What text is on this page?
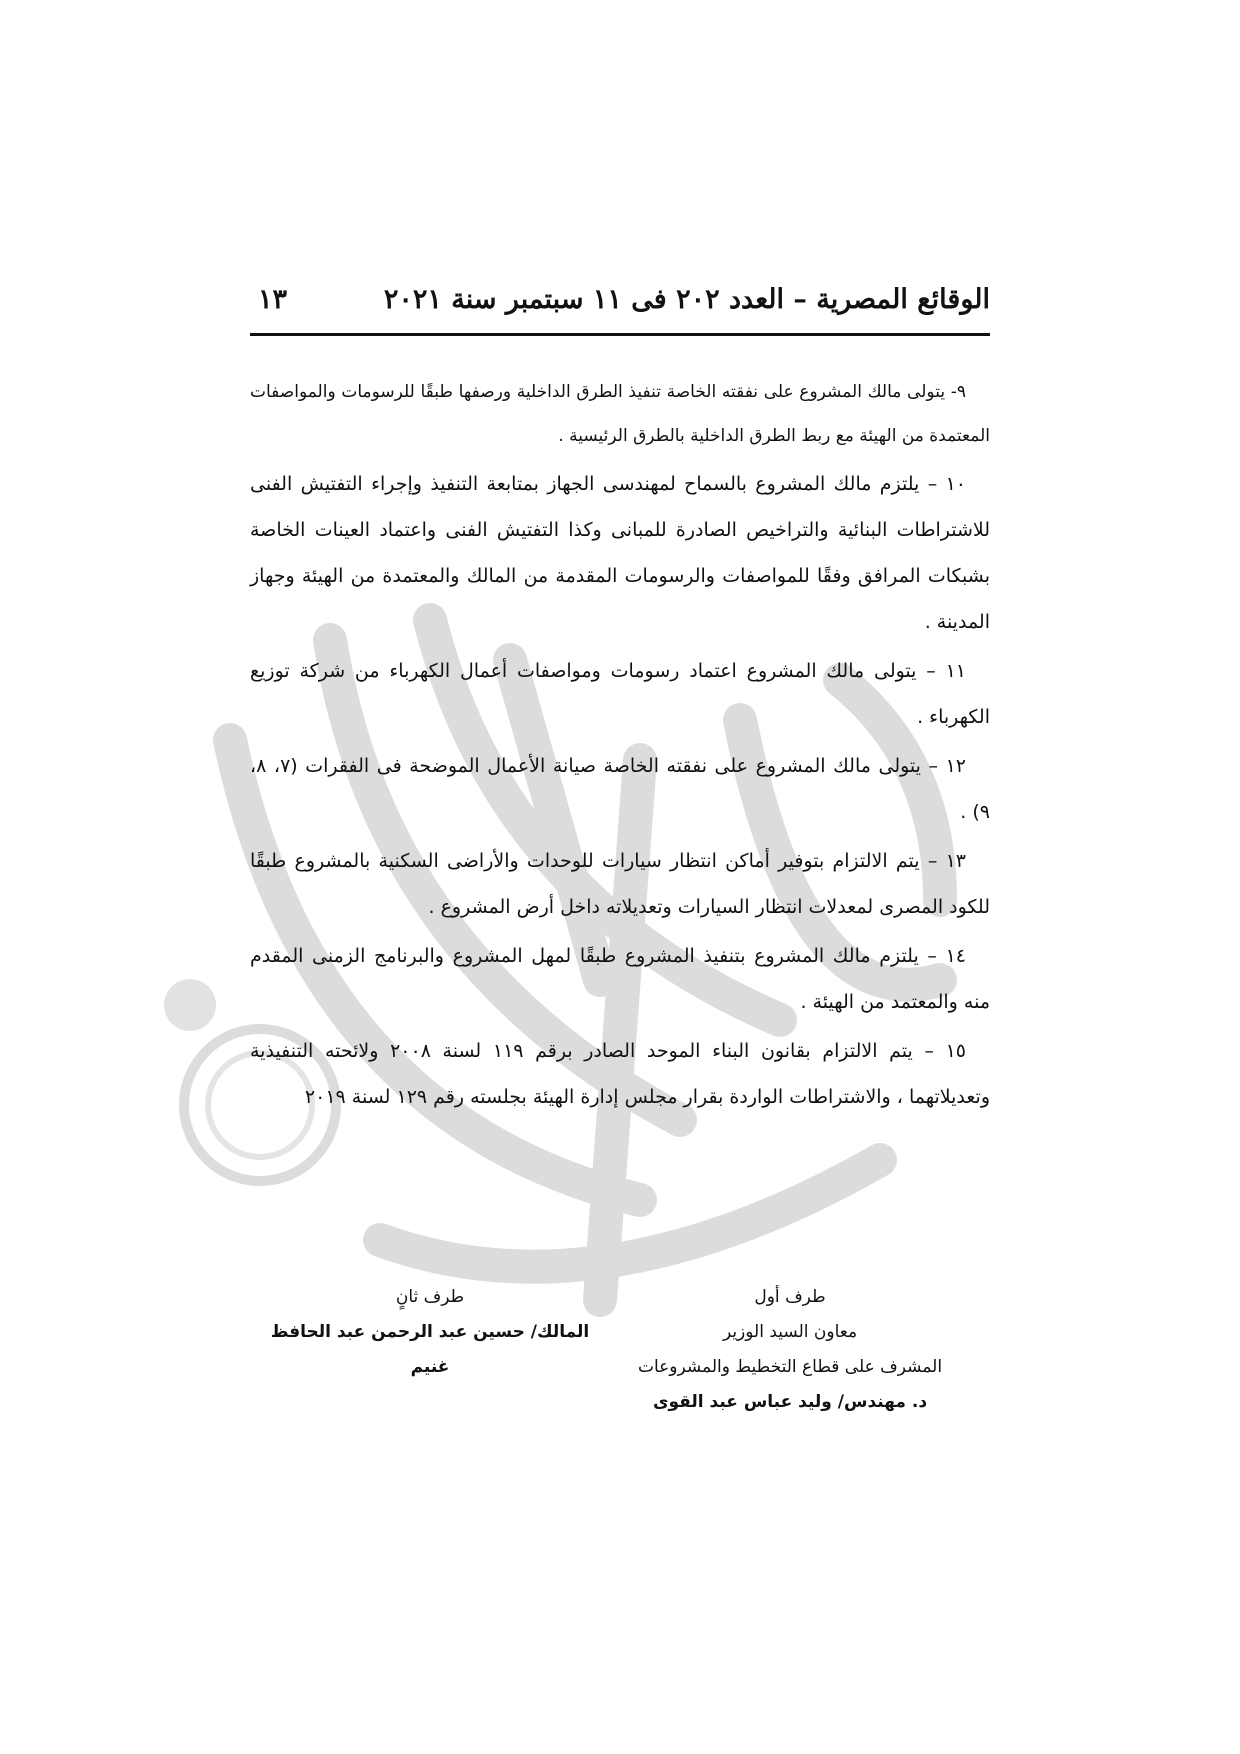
الوقائع المصرية – العدد ٢٠٢ فى ١١ سبتمبر سنة ٢٠٢١
١٣

٩- يتولى مالك المشروع على نفقته الخاصة تنفيذ الطرق الداخلية ورصفها طبقًا للرسومات والمواصفات المعتمدة من الهيئة مع ربط الطرق الداخلية بالطرق الرئيسية .

١٠ – يلتزم مالك المشروع بالسماح لمهندسى الجهاز بمتابعة التنفيذ وإجراء التفتيش الفنى للاشتراطات البنائية والتراخيص الصادرة للمبانى وكذا التفتيش الفنى واعتماد العينات الخاصة بشبكات المرافق وفقًا للمواصفات والرسومات المقدمة من المالك والمعتمدة من الهيئة وجهاز المدينة .

١١ – يتولى مالك المشروع اعتماد رسومات ومواصفات أعمال الكهرباء من شركة توزيع الكهرباء .

١٢ – يتولى مالك المشروع على نفقته الخاصة صيانة الأعمال الموضحة فى الفقرات (٧، ٨، ٩) .

١٣ – يتم الالتزام بتوفير أماكن انتظار سيارات للوحدات والأراضى السكنية بالمشروع طبقًا للكود المصرى لمعدلات انتظار السيارات وتعديلاته داخل أرض المشروع .

١٤ – يلتزم مالك المشروع بتنفيذ المشروع طبقًا لمهل المشروع والبرنامج الزمنى المقدم منه والمعتمد من الهيئة .

١٥ – يتم الالتزام بقانون البناء الموحد الصادر برقم ١١٩ لسنة ٢٠٠٨ ولائحته التنفيذية وتعديلاتهما ، والاشتراطات الواردة بقرار مجلس إدارة الهيئة بجلسته رقم ١٢٩ لسنة ٢٠١٩

طرف أول
معاون السيد الوزير
المشرف على قطاع التخطيط والمشروعات
د. مهندس/ وليد عباس عبد القوى
طرف ثانٍ
المالك/ حسين عبد الرحمن عبد الحافظ غنيم
